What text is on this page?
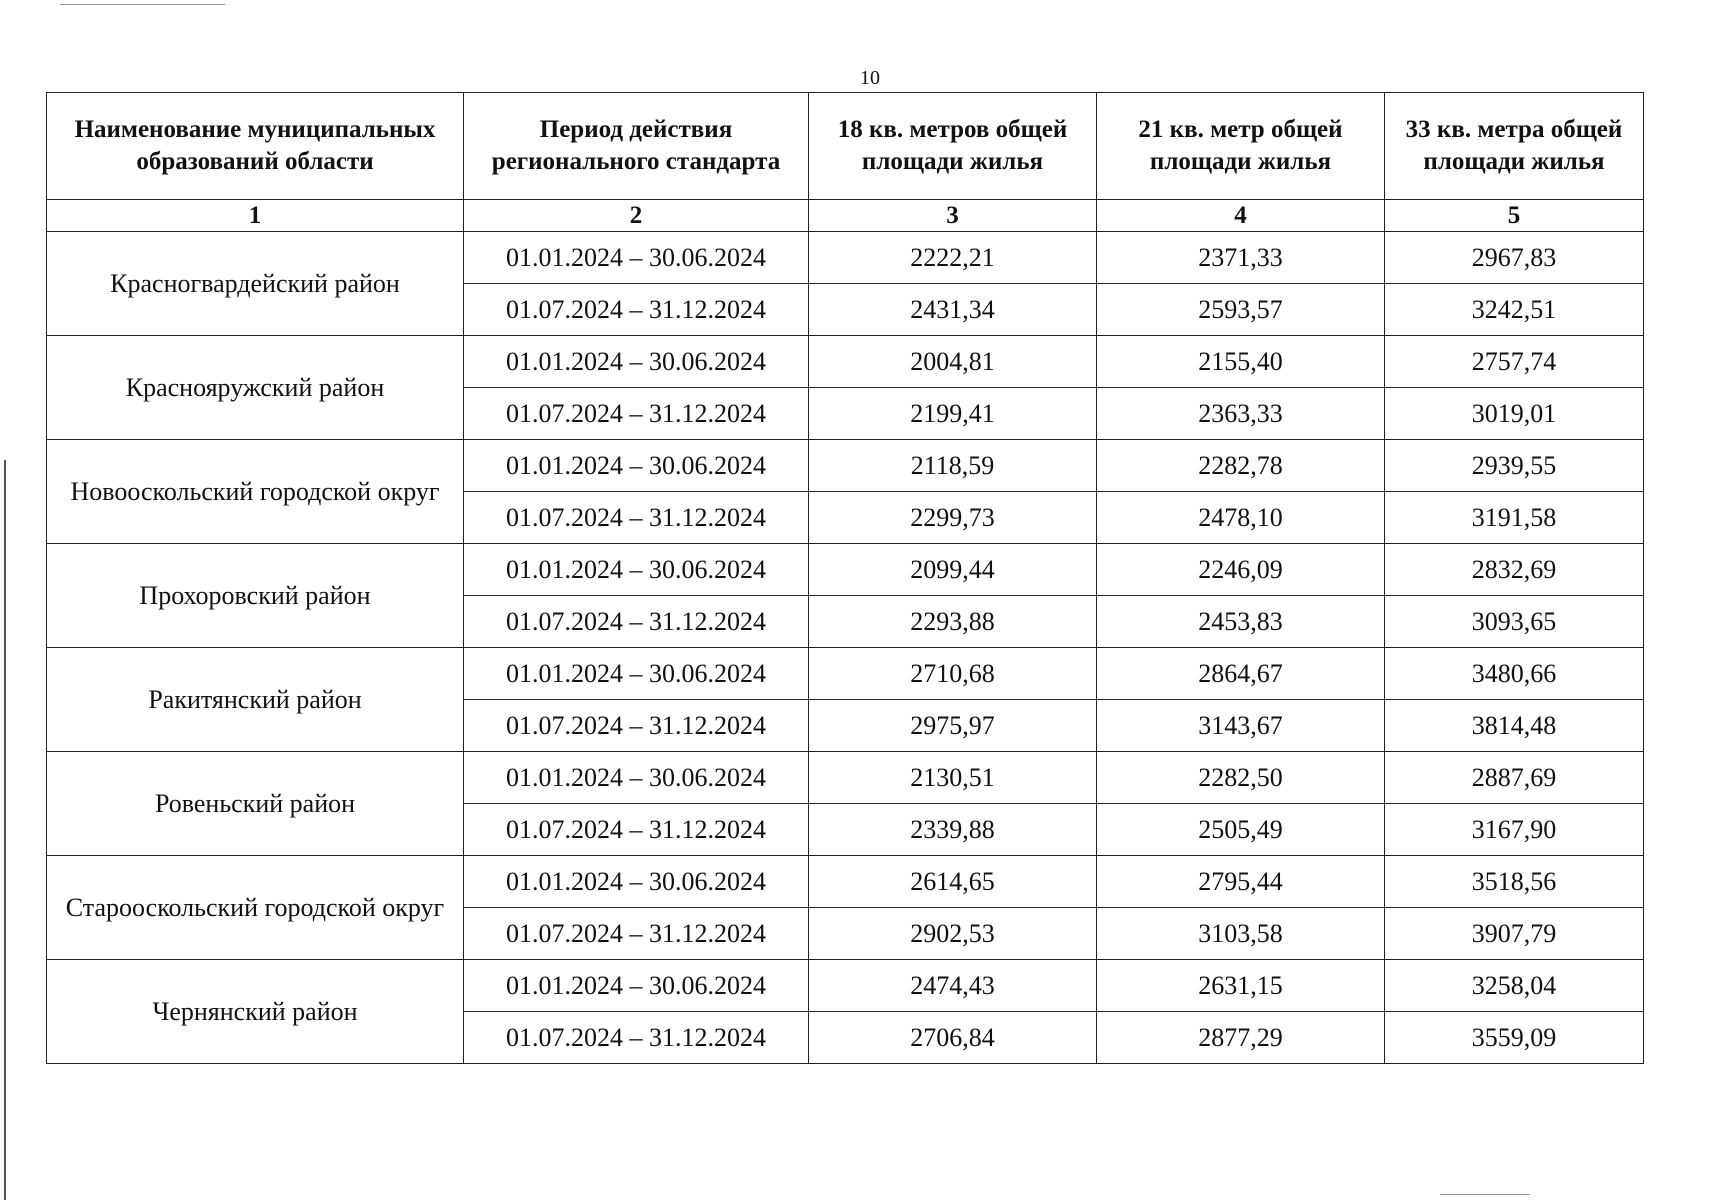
10
Наименование муниципальных образований области	Период действия регионального стандарта	18 кв. метров общей площади жилья	21 кв. метр общей площади жилья	33 кв. метра общей площади жилья
1	2	3	4	5
Красногвардейский район	01.01.2024 – 30.06.2024	2222,21	2371,33	2967,83
	01.07.2024 – 31.12.2024	2431,34	2593,57	3242,51
Краснояружский район	01.01.2024 – 30.06.2024	2004,81	2155,40	2757,74
	01.07.2024 – 31.12.2024	2199,41	2363,33	3019,01
Новооскольский городской округ	01.01.2024 – 30.06.2024	2118,59	2282,78	2939,55
	01.07.2024 – 31.12.2024	2299,73	2478,10	3191,58
Прохоровский район	01.01.2024 – 30.06.2024	2099,44	2246,09	2832,69
	01.07.2024 – 31.12.2024	2293,88	2453,83	3093,65
Ракитянский район	01.01.2024 – 30.06.2024	2710,68	2864,67	3480,66
	01.07.2024 – 31.12.2024	2975,97	3143,67	3814,48
Ровеньский район	01.01.2024 – 30.06.2024	2130,51	2282,50	2887,69
	01.07.2024 – 31.12.2024	2339,88	2505,49	3167,90
Старооскольский городской округ	01.01.2024 – 30.06.2024	2614,65	2795,44	3518,56
	01.07.2024 – 31.12.2024	2902,53	3103,58	3907,79
Чернянский район	01.01.2024 – 30.06.2024	2474,43	2631,15	3258,04
	01.07.2024 – 31.12.2024	2706,84	2877,29	3559,09
